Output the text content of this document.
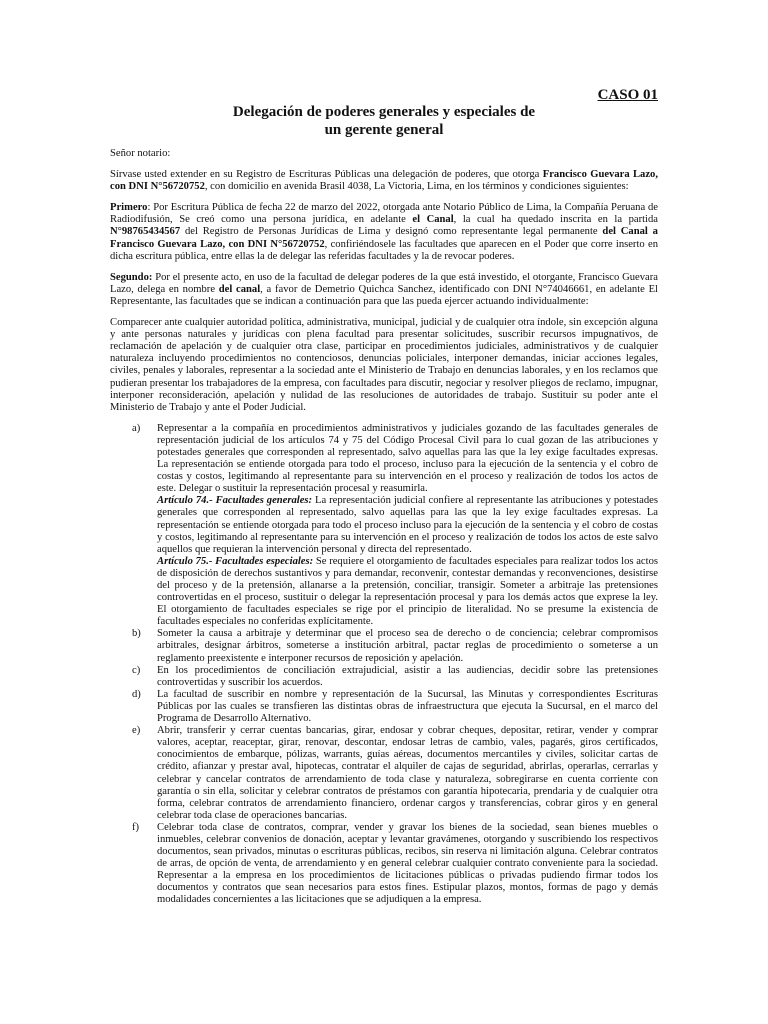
CASO 01
Delegación de poderes generales y especiales de
un gerente general

Señor notario:

Sírvase usted extender en su Registro de Escrituras Públicas una delegación de poderes, que otorga Francisco Guevara Lazo, con DNI N°56720752, con domicilio en avenida Brasil 4038, La Victoria, Lima, en los términos y condiciones siguientes:

Primero: Por Escritura Pública de fecha 22 de marzo del 2022, otorgada ante Notario Público de Lima, la Compañía Peruana de Radiodifusión, Se creó como una persona jurídica, en adelante el Canal, la cual ha quedado inscrita en la partida N°98765434567 del Registro de Personas Jurídicas de Lima y designó como representante legal permanente del Canal a Francisco Guevara Lazo, con DNI N°56720752, confiriéndosele las facultades que aparecen en el Poder que corre inserto en dicha escritura pública, entre ellas la de delegar las referidas facultades y la de revocar poderes.

Segundo: Por el presente acto, en uso de la facultad de delegar poderes de la que está investido, el otorgante, Francisco Guevara Lazo, delega en nombre del canal, a favor de Demetrio Quichca Sanchez, identificado con DNI N°74046661, en adelante El Representante, las facultades que se indican a continuación para que las pueda ejercer actuando individualmente:

Comparecer ante cualquier autoridad política, administrativa, municipal, judicial y de cualquier otra índole, sin excepción alguna y ante personas naturales y jurídicas con plena facultad para presentar solicitudes, suscribir recursos impugnativos, de reclamación de apelación y de cualquier otra clase, participar en procedimientos judiciales, administrativos y de cualquier naturaleza incluyendo procedimientos no contenciosos, denuncias policiales, interponer demandas, iniciar acciones legales, civiles, penales y laborales, representar a la sociedad ante el Ministerio de Trabajo en denuncias laborales, y en los reclamos que pudieran presentar los trabajadores de la empresa, con facultades para discutir, negociar y resolver pliegos de reclamo, impugnar, interponer reconsideración, apelación y nulidad de las resoluciones de autoridades de trabajo. Sustituir su poder ante el Ministerio de Trabajo y ante el Poder Judicial.

a) Representar a la compañía en procedimientos administrativos y judiciales gozando de las facultades generales de representación judicial de los artículos 74 y 75 del Código Procesal Civil para lo cual gozan de las atribuciones y potestades generales que corresponden al representado, salvo aquellas para las que la ley exige facultades expresas. La representación se entiende otorgada para todo el proceso, incluso para la ejecución de la sentencia y el cobro de costas y costos, legitimando al representante para su intervención en el proceso y realización de todos los actos de este. Delegar o sustituir la representación procesal y reasumirla.
Artículo 74.- Facultades generales: La representación judicial confiere al representante las atribuciones y potestades generales que corresponden al representado, salvo aquellas para las que la ley exige facultades expresas. La representación se entiende otorgada para todo el proceso incluso para la ejecución de la sentencia y el cobro de costas y costos, legitimando al representante para su intervención en el proceso y realización de todos los actos de este salvo aquellos que requieran la intervención personal y directa del representado.
Artículo 75.- Facultades especiales: Se requiere el otorgamiento de facultades especiales para realizar todos los actos de disposición de derechos sustantivos y para demandar, reconvenir, contestar demandas y reconvenciones, desistirse del proceso y de la pretensión, allanarse a la pretensión, conciliar, transigir. Someter a arbitraje las pretensiones controvertidas en el proceso, sustituir o delegar la representación procesal y para los demás actos que exprese la ley. El otorgamiento de facultades especiales se rige por el principio de literalidad. No se presume la existencia de facultades especiales no conferidas explícitamente.
b) Someter la causa a arbitraje y determinar que el proceso sea de derecho o de conciencia; celebrar compromisos arbitrales, designar árbitros, someterse a institución arbitral, pactar reglas de procedimiento o someterse a un reglamento preexistente e interponer recursos de reposición y apelación.
c) En los procedimientos de conciliación extrajudicial, asistir a las audiencias, decidir sobre las pretensiones controvertidas y suscribir los acuerdos.
d) La facultad de suscribir en nombre y representación de la Sucursal, las Minutas y correspondientes Escrituras Públicas por las cuales se transfieren las distintas obras de infraestructura que ejecuta la Sucursal, en el marco del Programa de Desarrollo Alternativo.
e) Abrir, transferir y cerrar cuentas bancarias, girar, endosar y cobrar cheques, depositar, retirar, vender y comprar valores, aceptar, reaceptar, girar, renovar, descontar, endosar letras de cambio, vales, pagarés, giros certificados, conocimientos de embarque, pólizas, warrants, guías aéreas, documentos mercantiles y civiles, solicitar cartas de crédito, afianzar y prestar aval, hipotecas, contratar el alquiler de cajas de seguridad, abrirlas, operarlas, cerrarlas y celebrar y cancelar contratos de arrendamiento de toda clase y naturaleza, sobregirarse en cuenta corriente con garantía o sin ella, solicitar y celebrar contratos de préstamos con garantía hipotecaria, prendaria y de cualquier otra forma, celebrar contratos de arrendamiento financiero, ordenar cargos y transferencias, cobrar giros y en general celebrar toda clase de operaciones bancarias.
f) Celebrar toda clase de contratos, comprar, vender y gravar los bienes de la sociedad, sean bienes muebles o inmuebles, celebrar convenios de donación, aceptar y levantar gravámenes, otorgando y suscribiendo los respectivos documentos, sean privados, minutas o escrituras públicas, recibos, sin reserva ni limitación alguna. Celebrar contratos de arras, de opción de venta, de arrendamiento y en general celebrar cualquier contrato conveniente para la sociedad. Representar a la empresa en los procedimientos de licitaciones públicas o privadas pudiendo firmar todos los documentos y contratos que sean necesarios para estos fines. Estipular plazos, montos, formas de pago y demás modalidades concernientes a las licitaciones que se adjudiquen a la empresa.
